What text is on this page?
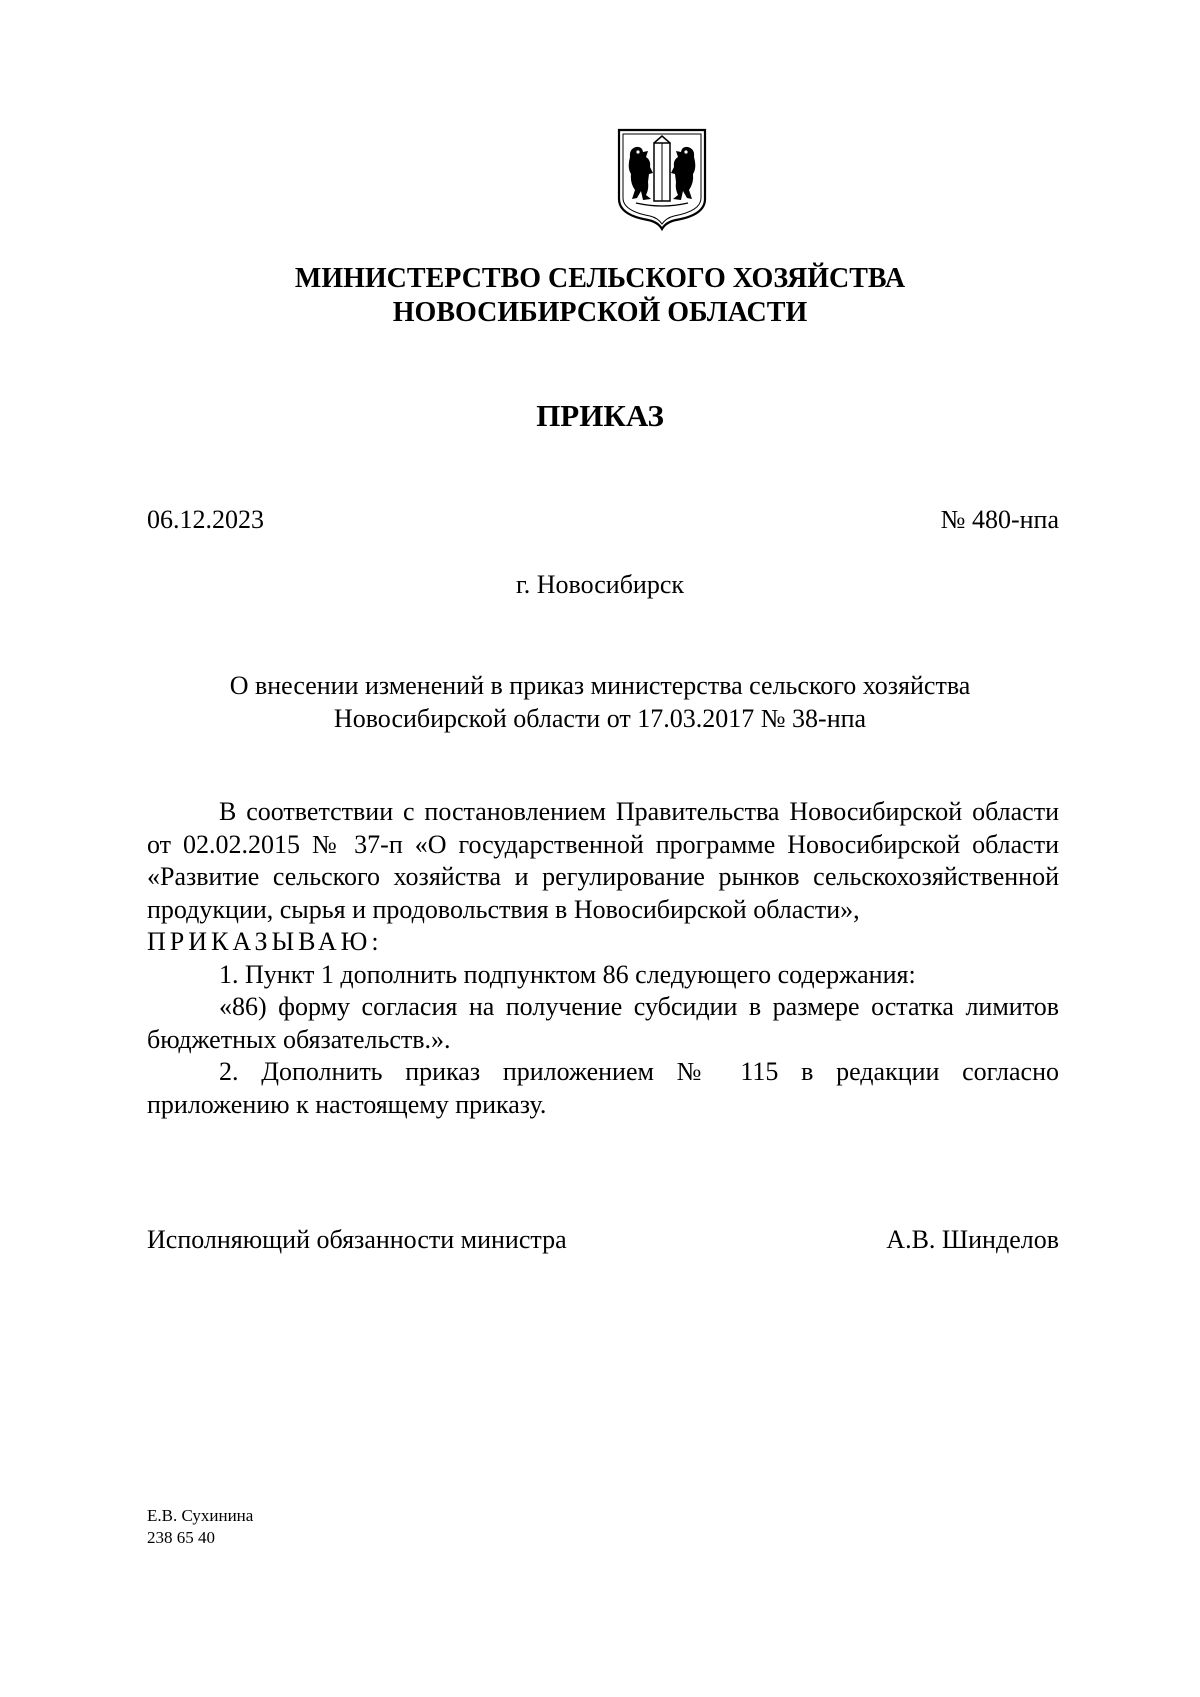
МИНИСТЕРСТВО СЕЛЬСКОГО ХОЗЯЙСТВА
НОВОСИБИРСКОЙ ОБЛАСТИ
ПРИКАЗ
06.12.2023	№ 480-нпа
г. Новосибирск
О внесении изменений в приказ министерства сельского хозяйства
Новосибирской области от 17.03.2017 № 38-нпа

В соответствии с постановлением Правительства Новосибирской области от 02.02.2015 № 37-п «О государственной программе Новосибирской области «Развитие сельского хозяйства и регулирование рынков сельскохозяйственной продукции, сырья и продовольствия в Новосибирской области»,

ПРИКАЗЫВАЮ:

1. Пункт 1 дополнить подпунктом 86 следующего содержания:

«86) форму согласия на получение субсидии в размере остатка лимитов бюджетных обязательств.».

2. Дополнить приказ приложением № 115 в редакции согласно приложению к настоящему приказу.

Исполняющий обязанности министра	А.В. Шинделов
Е.В. Сухинина
238 65 40
